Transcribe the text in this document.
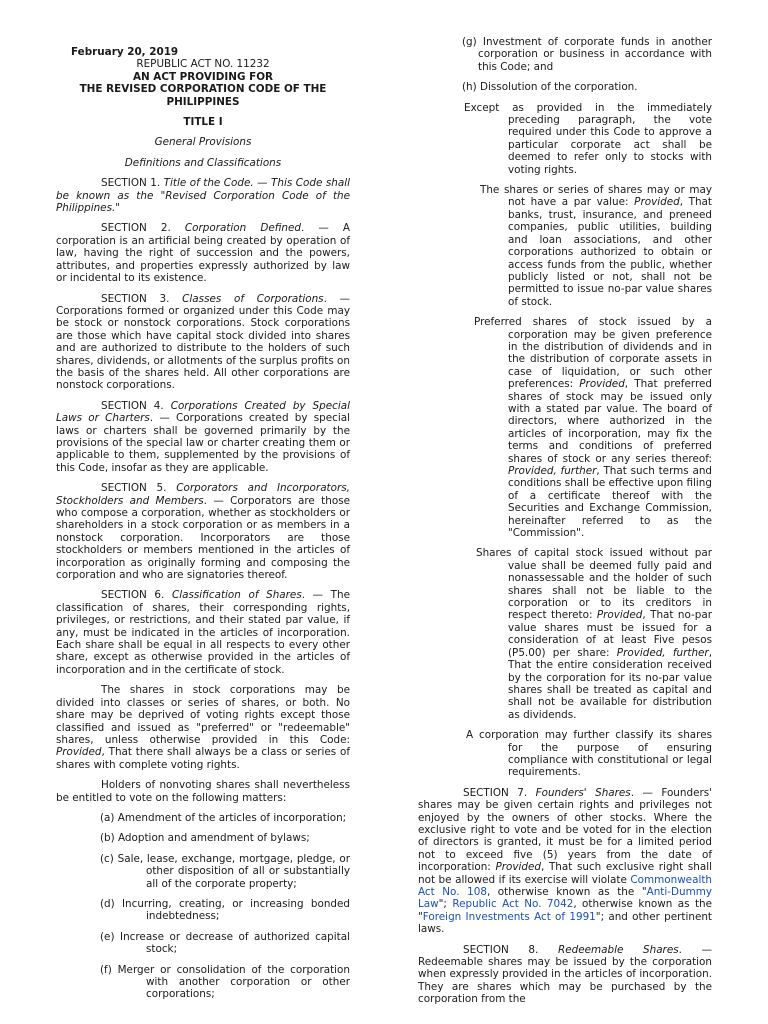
February 20, 2019

REPUBLIC ACT NO. 11232

AN ACT PROVIDING FOR

THE REVISED CORPORATION CODE OF THE PHILIPPINES

TITLE I

General Provisions

Definitions and Classifications

SECTION 1. Title of the Code. — This Code shall be known as the "Revised Corporation Code of the Philippines."

SECTION 2. Corporation Defined. — A corporation is an artificial being created by operation of law, having the right of succession and the powers, attributes, and properties expressly authorized by law or incidental to its existence.

SECTION 3. Classes of Corporations. — Corporations formed or organized under this Code may be stock or nonstock corporations. Stock corporations are those which have capital stock divided into shares and are authorized to distribute to the holders of such shares, dividends, or allotments of the surplus profits on the basis of the shares held. All other corporations are nonstock corporations.

SECTION 4. Corporations Created by Special Laws or Charters. — Corporations created by special laws or charters shall be governed primarily by the provisions of the special law or charter creating them or applicable to them, supplemented by the provisions of this Code, insofar as they are applicable.

SECTION 5. Corporators and Incorporators, Stockholders and Members. — Corporators are those who compose a corporation, whether as stockholders or shareholders in a stock corporation or as members in a nonstock corporation. Incorporators are those stockholders or members mentioned in the articles of incorporation as originally forming and composing the corporation and who are signatories thereof.

SECTION 6. Classification of Shares. — The classification of shares, their corresponding rights, privileges, or restrictions, and their stated par value, if any, must be indicated in the articles of incorporation. Each share shall be equal in all respects to every other share, except as otherwise provided in the articles of incorporation and in the certificate of stock.

The shares in stock corporations may be divided into classes or series of shares, or both. No share may be deprived of voting rights except those classified and issued as "preferred" or "redeemable" shares, unless otherwise provided in this Code: Provided, That there shall always be a class or series of shares with complete voting rights.

Holders of nonvoting shares shall nevertheless be entitled to vote on the following matters:

(a) Amendment of the articles of incorporation;

(b) Adoption and amendment of bylaws;

(c) Sale, lease, exchange, mortgage, pledge, or other disposition of all or substantially all of the corporate property;

(d) Incurring, creating, or increasing bonded indebtedness;

(e) Increase or decrease of authorized capital stock;

(f) Merger or consolidation of the corporation with another corporation or other corporations;

(g) Investment of corporate funds in another corporation or business in accordance with this Code; and

(h) Dissolution of the corporation.

Except as provided in the immediately preceding paragraph, the vote required under this Code to approve a particular corporate act shall be deemed to refer only to stocks with voting rights.

The shares or series of shares may or may not have a par value: Provided, That banks, trust, insurance, and preneed companies, public utilities, building and loan associations, and other corporations authorized to obtain or access funds from the public, whether publicly listed or not, shall not be permitted to issue no-par value shares of stock.

Preferred shares of stock issued by a corporation may be given preference in the distribution of dividends and in the distribution of corporate assets in case of liquidation, or such other preferences: Provided, That preferred shares of stock may be issued only with a stated par value. The board of directors, where authorized in the articles of incorporation, may fix the terms and conditions of preferred shares of stock or any series thereof: Provided, further, That such terms and conditions shall be effective upon filing of a certificate thereof with the Securities and Exchange Commission, hereinafter referred to as the "Commission".

Shares of capital stock issued without par value shall be deemed fully paid and nonassessable and the holder of such shares shall not be liable to the corporation or to its creditors in respect thereto: Provided, That no-par value shares must be issued for a consideration of at least Five pesos (P5.00) per share: Provided, further, That the entire consideration received by the corporation for its no-par value shares shall be treated as capital and shall not be available for distribution as dividends.

A corporation may further classify its shares for the purpose of ensuring compliance with constitutional or legal requirements.

SECTION 7. Founders' Shares. — Founders' shares may be given certain rights and privileges not enjoyed by the owners of other stocks. Where the exclusive right to vote and be voted for in the election of directors is granted, it must be for a limited period not to exceed five (5) years from the date of incorporation: Provided, That such exclusive right shall not be allowed if its exercise will violate Commonwealth Act No. 108, otherwise known as the "Anti-Dummy Law"; Republic Act No. 7042, otherwise known as the "Foreign Investments Act of 1991"; and other pertinent laws.

SECTION 8. Redeemable Shares. — Redeemable shares may be issued by the corporation when expressly provided in the articles of incorporation. They are shares which may be purchased by the corporation from the
